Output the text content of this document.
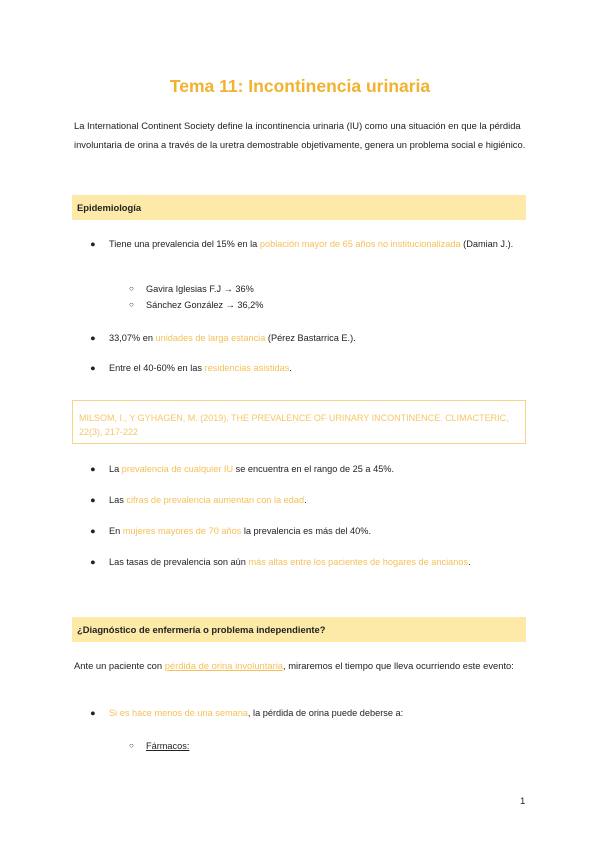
Tema 11: Incontinencia urinaria
La International Continent Society define la incontinencia urinaria (IU) como una situación en que la pérdida involuntaria de orina a través de la uretra demostrable objetivamente, genera un problema social e higiénico.
Epidemiología
● Tiene una prevalencia del 15% en la población mayor de 65 años no institucionalizada (Damian J.).
○ Gavira Iglesias F.J → 36%
○ Sánchez González → 36,2%
● 33,07% en unidades de larga estancia (Pérez Bastarrica E.).
● Entre el 40-60% en las residencias asistidas.
MILSOM, I., Y GYHAGEN, M. (2019). THE PREVALENCE OF URINARY INCONTINENCE. CLIMACTERIC, 22(3), 217-222
● La prevalencia de cualquier IU se encuentra en el rango de 25 a 45%.
● Las cifras de prevalencia aumentan con la edad.
● En mujeres mayores de 70 años la prevalencia es más del 40%.
● Las tasas de prevalencia son aún más altas entre los pacientes de hogares de ancianos.
¿Diagnóstico de enfermería o problema independiente?
Ante un paciente con pérdida de orina involuntaria, miraremos el tiempo que lleva ocurriendo este evento:
● Si es hace menos de una semana, la pérdida de orina puede deberse a:
○ Fármacos:
1
